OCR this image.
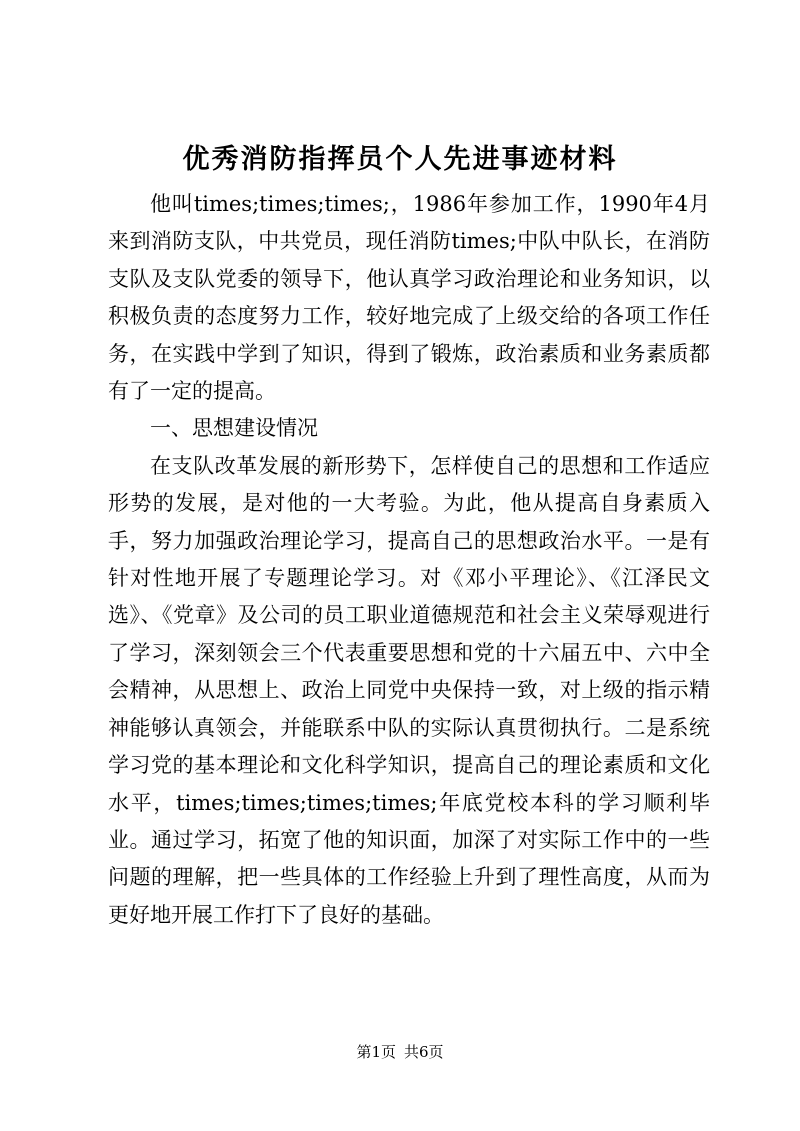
优秀消防指挥员个人先进事迹材料

他叫times;times;times;，1986年参加工作，1990年4月来到消防支队，中共党员，现任消防times;中队中队长，在消防支队及支队党委的领导下，他认真学习政治理论和业务知识，以积极负责的态度努力工作，较好地完成了上级交给的各项工作任务，在实践中学到了知识，得到了锻炼，政治素质和业务素质都有了一定的提高。

一、思想建设情况

在支队改革发展的新形势下，怎样使自己的思想和工作适应形势的发展，是对他的一大考验。为此，他从提高自身素质入手，努力加强政治理论学习，提高自己的思想政治水平。一是有针对性地开展了专题理论学习。对《邓小平理论》、《江泽民文选》、《党章》及公司的员工职业道德规范和社会主义荣辱观进行了学习，深刻领会三个代表重要思想和党的十六届五中、六中全会精神，从思想上、政治上同党中央保持一致，对上级的指示精神能够认真领会，并能联系中队的实际认真贯彻执行。二是系统学习党的基本理论和文化科学知识，提高自己的理论素质和文化水平，times;times;times;times;年底党校本科的学习顺利毕业。通过学习，拓宽了他的知识面，加深了对实际工作中的一些问题的理解，把一些具体的工作经验上升到了理性高度，从而为更好地开展工作打下了良好的基础。

第1页 共6页
